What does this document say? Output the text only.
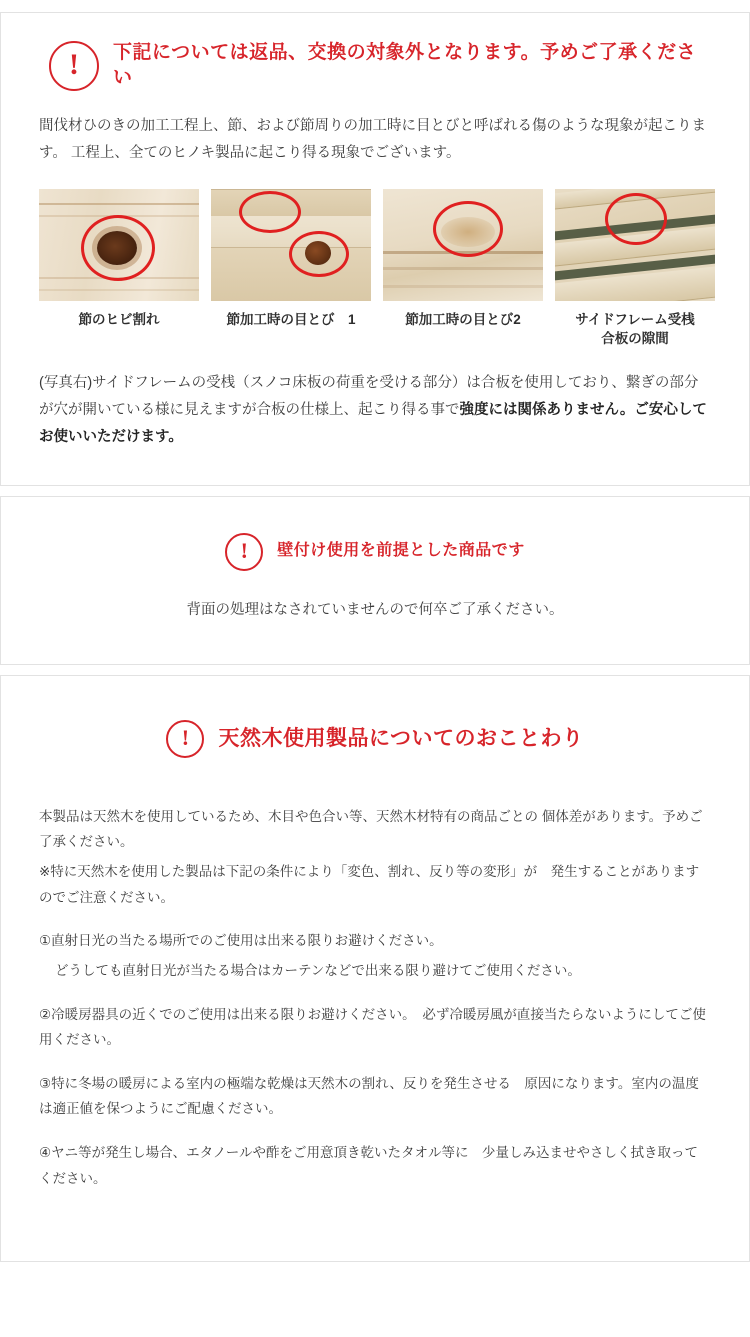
!	下記については返品、交換の対象外となります。予めご了承ください
間伐材ひのきの加工工程上、節、および節周りの加工時に目とびと呼ばれる傷のような現象が起こります。 工程上、全てのヒノキ製品に起こり得る現象でございます。
節のヒビ割れ	節加工時の目とび　1	節加工時の目とび2	サイドフレーム受桟
合板の隙間
(写真右)サイドフレームの受桟（スノコ床板の荷重を受ける部分）は合板を使用しており、繋ぎの部分が穴が開いている様に見えますが合板の仕様上、起こり得る事で強度には関係ありません。ご安心してお使いいただけます。
!	壁付け使用を前提とした商品です
背面の処理はなされていませんので何卒ご了承ください。
!	天然木使用製品についてのおことわり
本製品は天然木を使用しているため、木目や色合い等、天然木材特有の商品ごとの 個体差があります。予めご了承ください。
※特に天然木を使用した製品は下記の条件により「変色、割れ、反り等の変形」が　発生することがありますのでご注意ください。
①直射日光の当たる場所でのご使用は出来る限りお避けください。
どうしても直射日光が当たる場合はカーテンなどで出来る限り避けてご使用ください。
②冷暖房器具の近くでのご使用は出来る限りお避けください。　必ず冷暖房風が直接当たらないようにしてご使用ください。
③特に冬場の暖房による室内の極端な乾燥は天然木の割れ、反りを発生させる　原因になります。室内の温度は適正値を保つようにご配慮ください。
④ヤニ等が発生し場合、エタノールや酢をご用意頂き乾いたタオル等に　少量しみ込ませやさしく拭き取ってください。
